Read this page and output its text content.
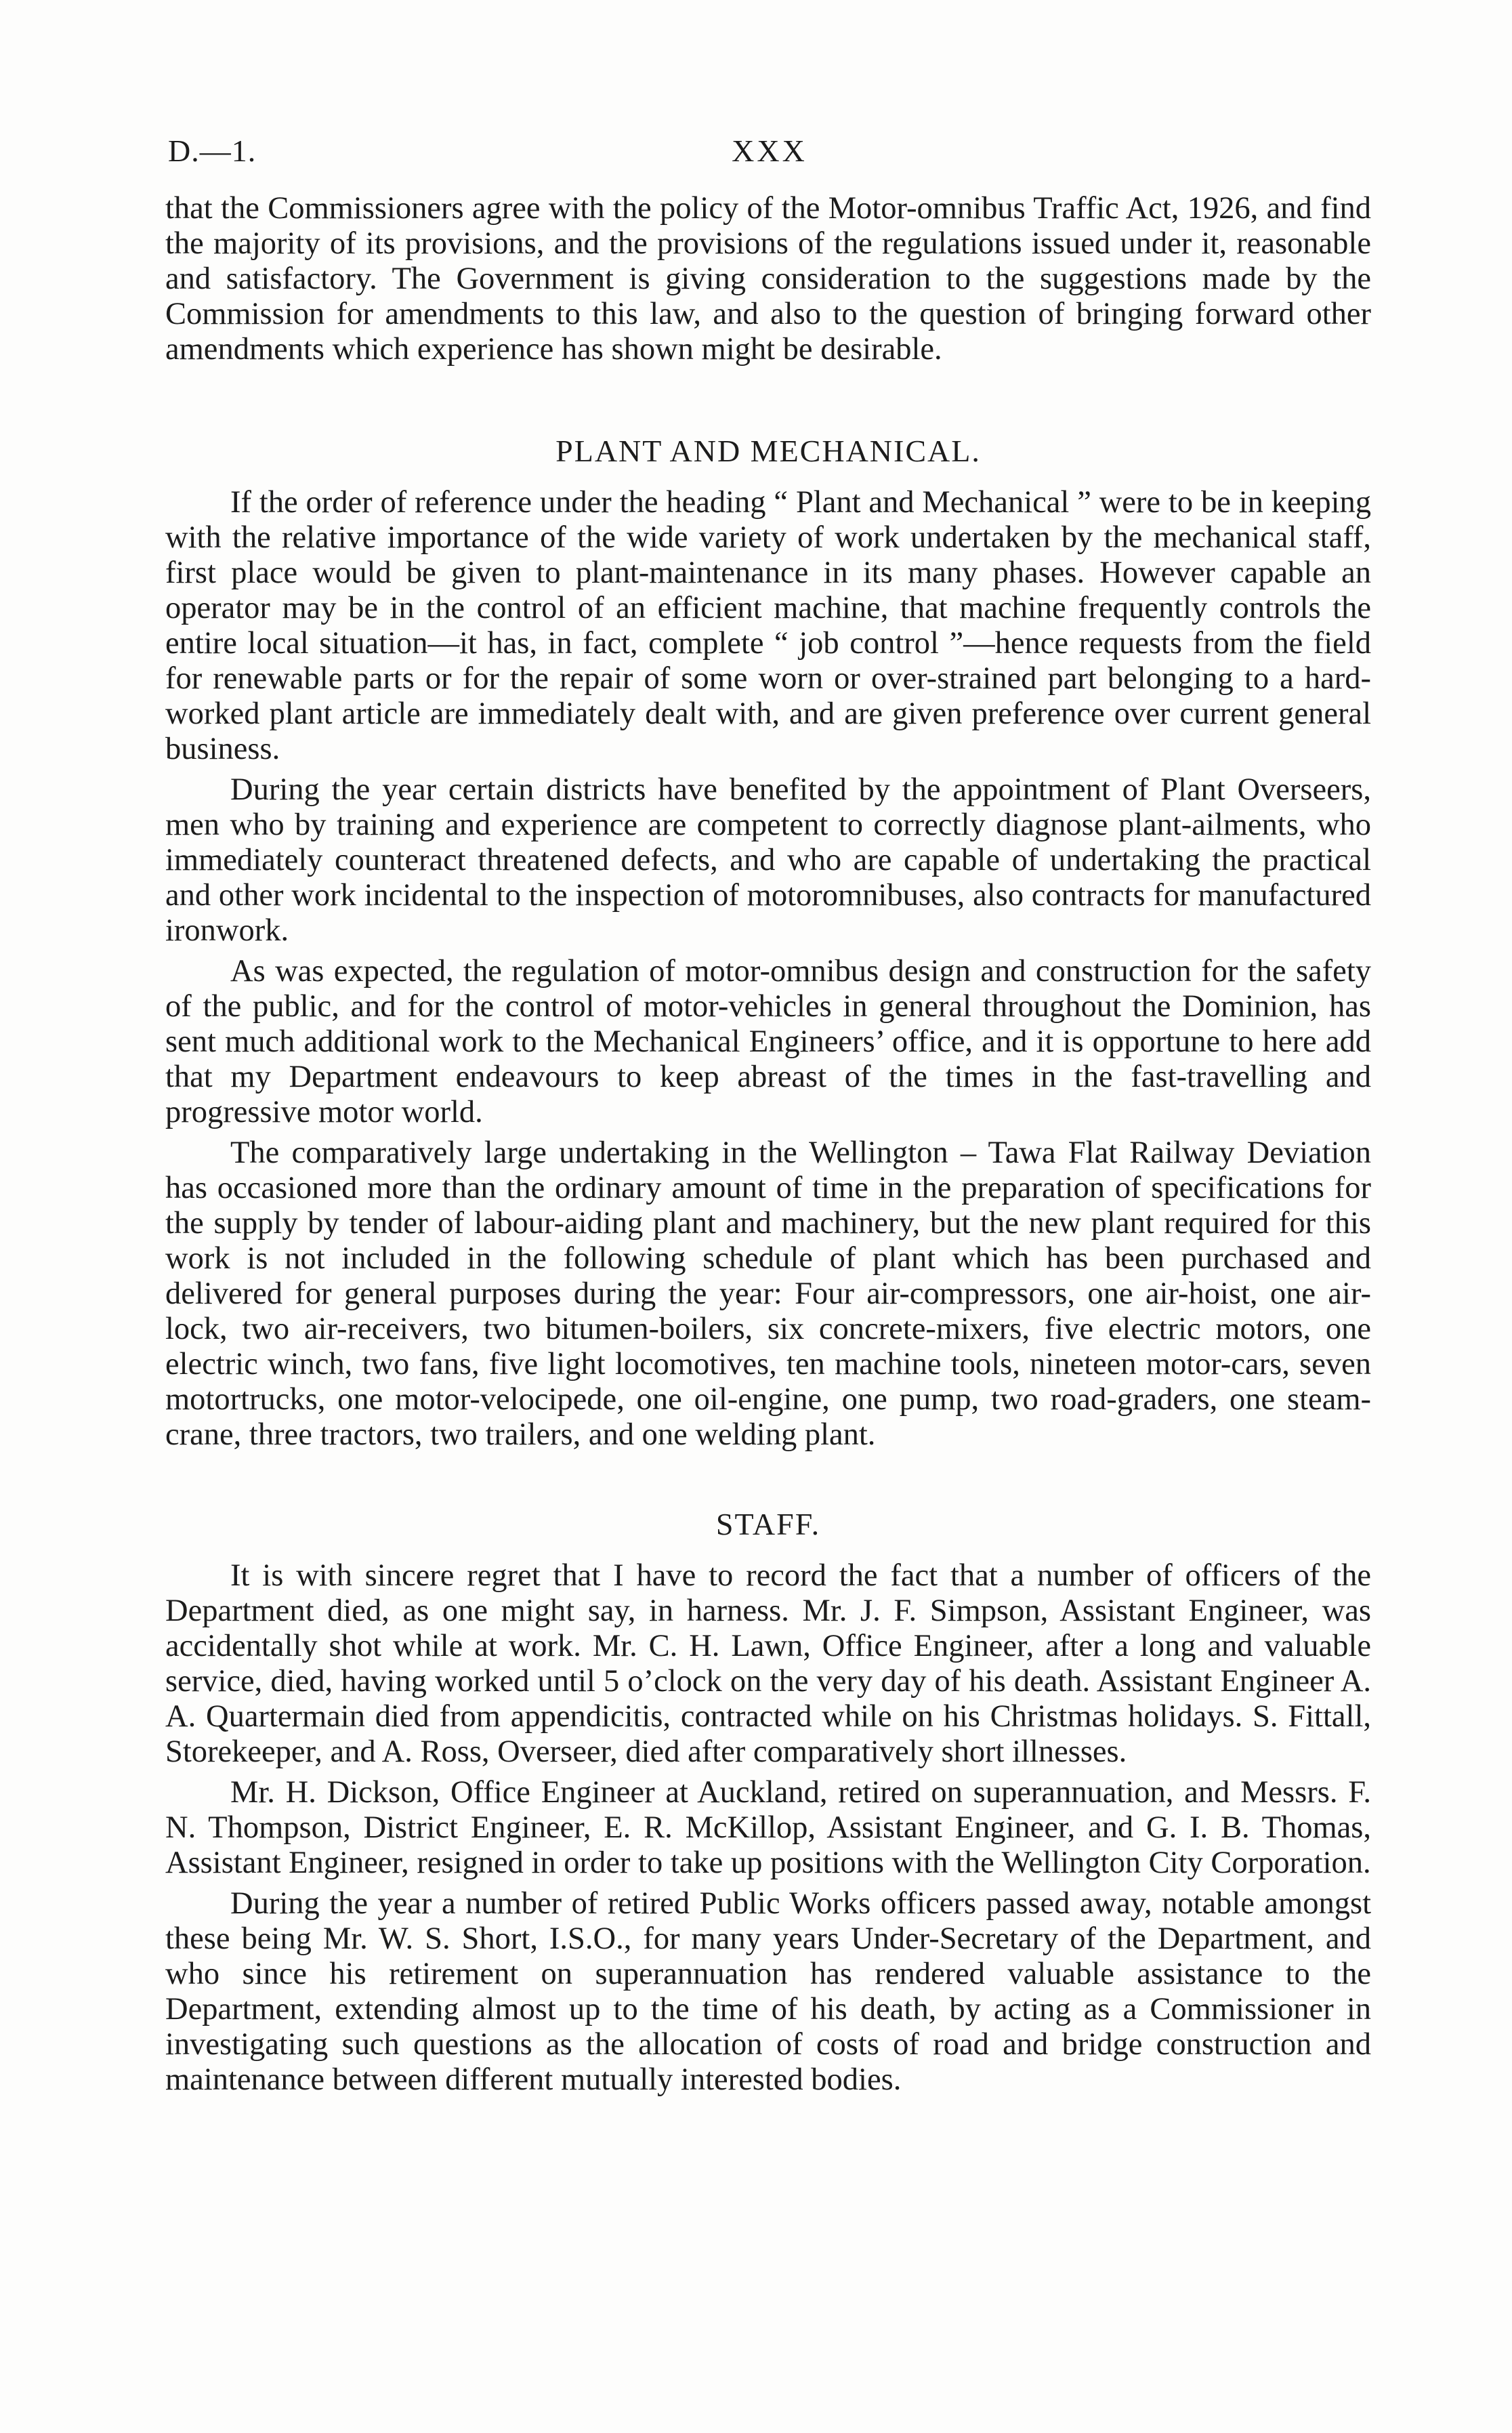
D.—1.	XXX

that the Commissioners agree with the policy of the Motor-omnibus Traffic Act, 1926, and find the majority of its provisions, and the provisions of the regulations issued under it, reasonable and satisfactory. The Government is giving consideration to the suggestions made by the Commission for amendments to this law, and also to the question of bringing forward other amendments which experience has shown might be desirable.

PLANT AND MECHANICAL.

If the order of reference under the heading “ Plant and Mechanical ” were to be in keeping with the relative importance of the wide variety of work undertaken by the mechanical staff, first place would be given to plant-maintenance in its many phases. However capable an operator may be in the control of an efficient machine, that machine frequently controls the entire local situation—it has, in fact, complete “ job control ”—hence requests from the field for renewable parts or for the repair of some worn or over-strained part belonging to a hard-worked plant article are immediately dealt with, and are given preference over current general business.

During the year certain districts have benefited by the appointment of Plant Overseers, men who by training and experience are competent to correctly diagnose plant-ailments, who immediately counteract threatened defects, and who are capable of undertaking the practical and other work incidental to the inspection of motoromnibuses, also contracts for manufactured ironwork.

As was expected, the regulation of motor-omnibus design and construction for the safety of the public, and for the control of motor-vehicles in general throughout the Dominion, has sent much additional work to the Mechanical Engineers’ office, and it is opportune to here add that my Department endeavours to keep abreast of the times in the fast-travelling and progressive motor world.

The comparatively large undertaking in the Wellington – Tawa Flat Railway Deviation has occasioned more than the ordinary amount of time in the preparation of specifications for the supply by tender of labour-aiding plant and machinery, but the new plant required for this work is not included in the following schedule of plant which has been purchased and delivered for general purposes during the year: Four air-compressors, one air-hoist, one air-lock, two air-receivers, two bitumen-boilers, six concrete-mixers, five electric motors, one electric winch, two fans, five light locomotives, ten machine tools, nineteen motor-cars, seven motortrucks, one motor-velocipede, one oil-engine, one pump, two road-graders, one steam-crane, three tractors, two trailers, and one welding plant.

STAFF.

It is with sincere regret that I have to record the fact that a number of officers of the Department died, as one might say, in harness. Mr. J. F. Simpson, Assistant Engineer, was accidentally shot while at work. Mr. C. H. Lawn, Office Engineer, after a long and valuable service, died, having worked until 5 o’clock on the very day of his death. Assistant Engineer A. A. Quartermain died from appendicitis, contracted while on his Christmas holidays. S. Fittall, Storekeeper, and A. Ross, Overseer, died after comparatively short illnesses.

Mr. H. Dickson, Office Engineer at Auckland, retired on superannuation, and Messrs. F. N. Thompson, District Engineer, E. R. McKillop, Assistant Engineer, and G. I. B. Thomas, Assistant Engineer, resigned in order to take up positions with the Wellington City Corporation.

During the year a number of retired Public Works officers passed away, notable amongst these being Mr. W. S. Short, I.S.O., for many years Under-Secretary of the Department, and who since his retirement on superannuation has rendered valuable assistance to the Department, extending almost up to the time of his death, by acting as a Commissioner in investigating such questions as the allocation of costs of road and bridge construction and maintenance between different mutually interested bodies.
